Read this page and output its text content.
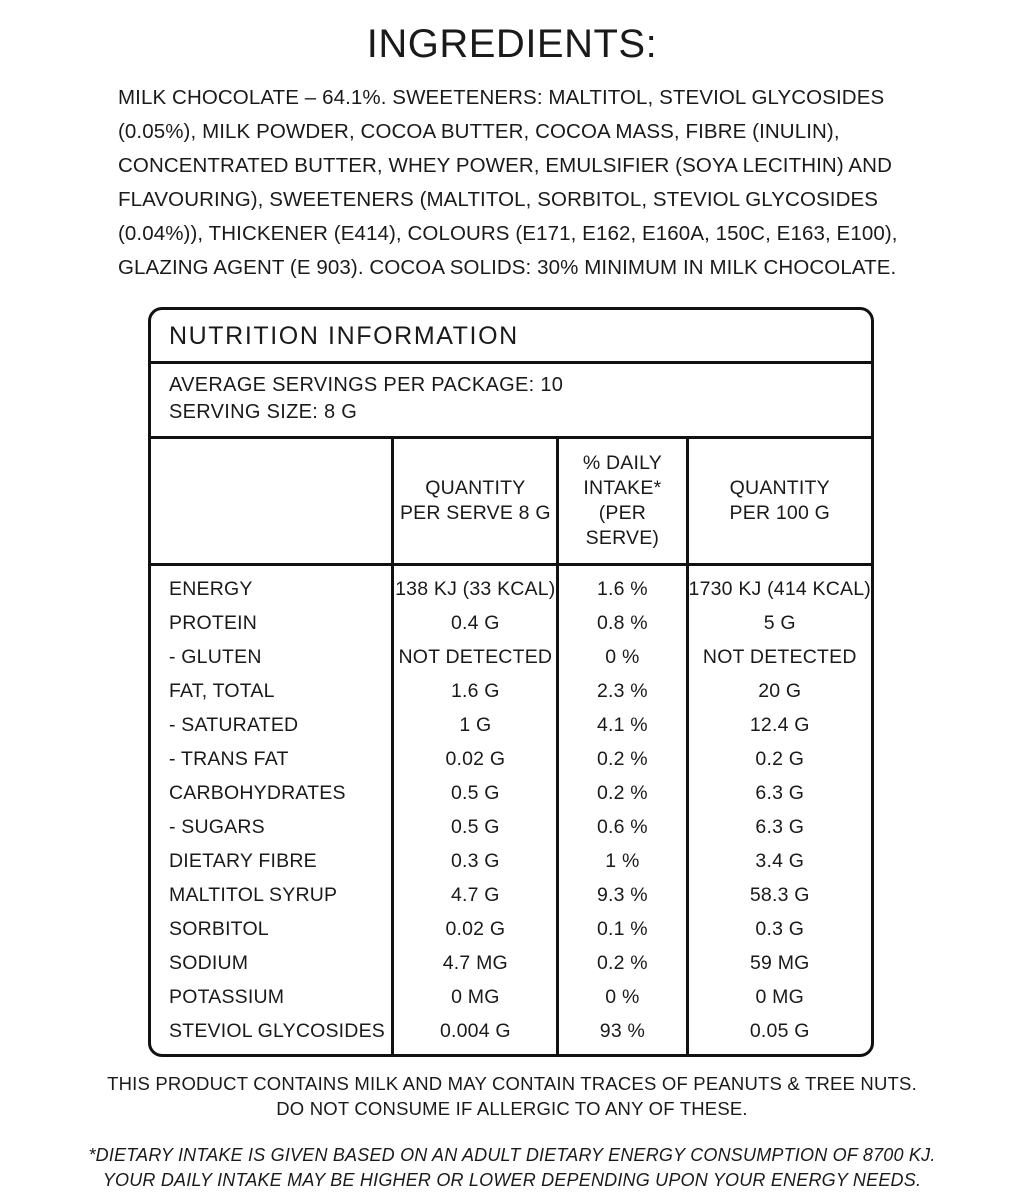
INGREDIENTS:
MILK CHOCOLATE – 64.1%. SWEETENERS: MALTITOL, STEVIOL GLYCOSIDES (0.05%), MILK POWDER, COCOA BUTTER, COCOA MASS, FIBRE (INULIN), CONCENTRATED BUTTER, WHEY POWER, EMULSIFIER (SOYA LECITHIN) AND FLAVOURING), SWEETENERS (MALTITOL, SORBITOL, STEVIOL GLYCOSIDES (0.04%)), THICKENER (E414), COLOURS (E171, E162, E160A, 150C, E163, E100), GLAZING AGENT (E 903). COCOA SOLIDS: 30% MINIMUM IN MILK CHOCOLATE.
NUTRITION INFORMATION
AVERAGE SERVINGS PER PACKAGE: 10
SERVING SIZE: 8 G

QUANTITY
PER SERVE 8 G

% DAILY INTAKE*
(PER SERVE)

QUANTITY
PER 100 G

ENERGY	138 KJ (33 KCAL)	1.6 %	1730 KJ (414 KCAL)
PROTEIN	0.4 G	0.8 %	5 G
- GLUTEN	NOT DETECTED	0 %	NOT DETECTED
FAT, TOTAL	1.6 G	2.3 %	20 G
- SATURATED	1 G	4.1 %	12.4 G
- TRANS FAT	0.02 G	0.2 %	0.2 G
CARBOHYDRATES	0.5 G	0.2 %	6.3 G
- SUGARS	0.5 G	0.6 %	6.3 G
DIETARY FIBRE	0.3 G	1 %	3.4 G
MALTITOL SYRUP	4.7 G	9.3 %	58.3 G
SORBITOL	0.02 G	0.1 %	0.3 G
SODIUM	4.7 MG	0.2 %	59 MG
POTASSIUM	0 MG	0 %	0 MG
STEVIOL GLYCOSIDES	0.004 G	93 %	0.05 G
THIS PRODUCT CONTAINS MILK AND MAY CONTAIN TRACES OF PEANUTS & TREE NUTS.
DO NOT CONSUME IF ALLERGIC TO ANY OF THESE.
*DIETARY INTAKE IS GIVEN BASED ON AN ADULT DIETARY ENERGY CONSUMPTION OF 8700 KJ.
YOUR DAILY INTAKE MAY BE HIGHER OR LOWER DEPENDING UPON YOUR ENERGY NEEDS.
